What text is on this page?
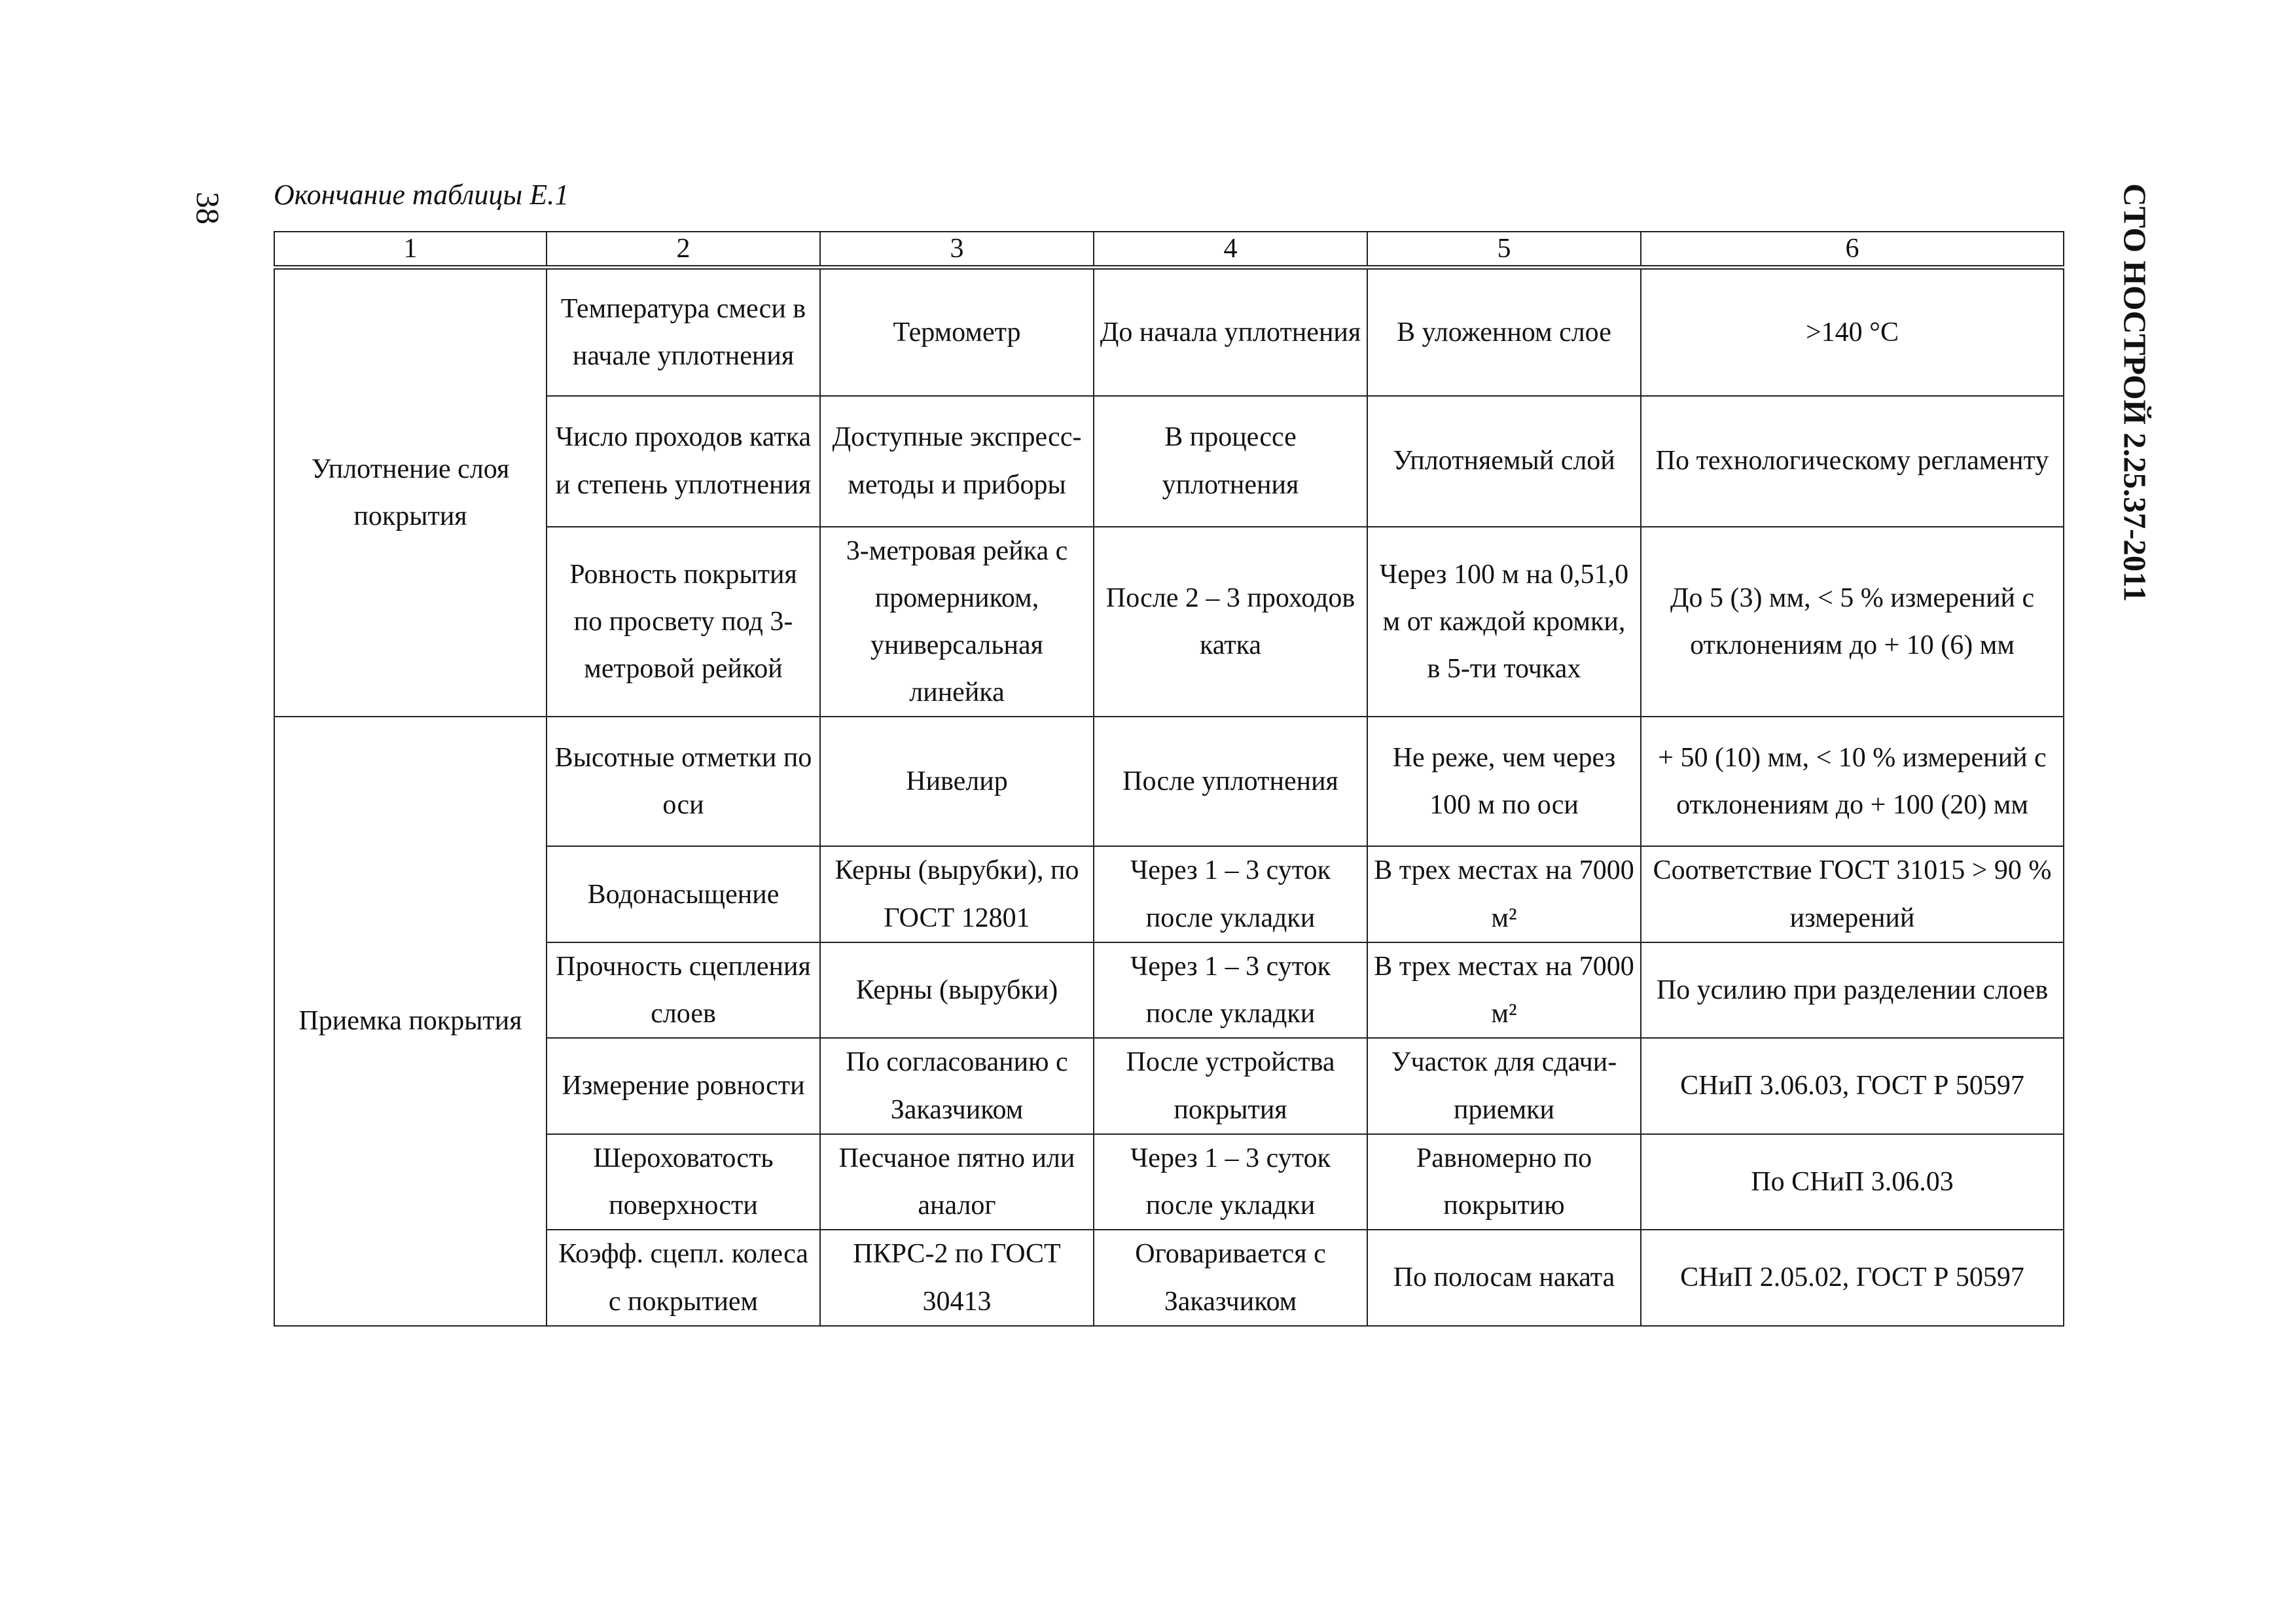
38	СТО НОСТРОЙ 2.25.37-2011
Окончание таблицы Е.1
1	2	3	4	5	6
Уплотнение слоя покрытия	Температура смеси в начале уплотнения	Термометр	До начала уплотнения	В уложенном слое	>140 °С
	Число проходов катка и степень уплотнения	Доступные экспресс-методы и приборы	В процессе уплотнения	Уплотняемый слой	По технологическому регламенту
	Ровность покрытия по просвету под 3-метровой рейкой	3-метровая рейка с промерником, универсальная линейка	После 2 – 3 проходов катка	Через 100 м на 0,51,0 м от каждой кромки, в 5-ти точках	До 5 (3) мм, < 5 % измерений с отклонениям до + 10 (6) мм
Приемка покрытия	Высотные отметки по оси	Нивелир	После уплотнения	Не реже, чем через 100 м по оси	+ 50 (10) мм, < 10 % измерений с отклонениям до + 100 (20) мм
	Водонасыщение	Керны (вырубки), по ГОСТ 12801	Через 1 – 3 суток после укладки	В трех местах на 7000 м²	Соответствие ГОСТ 31015 > 90 % измерений
	Прочность сцепления слоев	Керны (вырубки)	Через 1 – 3 суток после укладки	В трех местах на 7000 м²	По усилию при разделении слоев
	Измерение ровности	По согласованию с Заказчиком	После устройства покрытия	Участок для сдачи-приемки	СНиП 3.06.03, ГОСТ Р 50597
	Шероховатость поверхности	Песчаное пятно или аналог	Через 1 – 3 суток после укладки	Равномерно по покрытию	По СНиП 3.06.03
	Коэфф. сцепл. колеса с покрытием	ПКРС-2 по ГОСТ 30413	Оговаривается с Заказчиком	По полосам наката	СНиП 2.05.02, ГОСТ Р 50597
